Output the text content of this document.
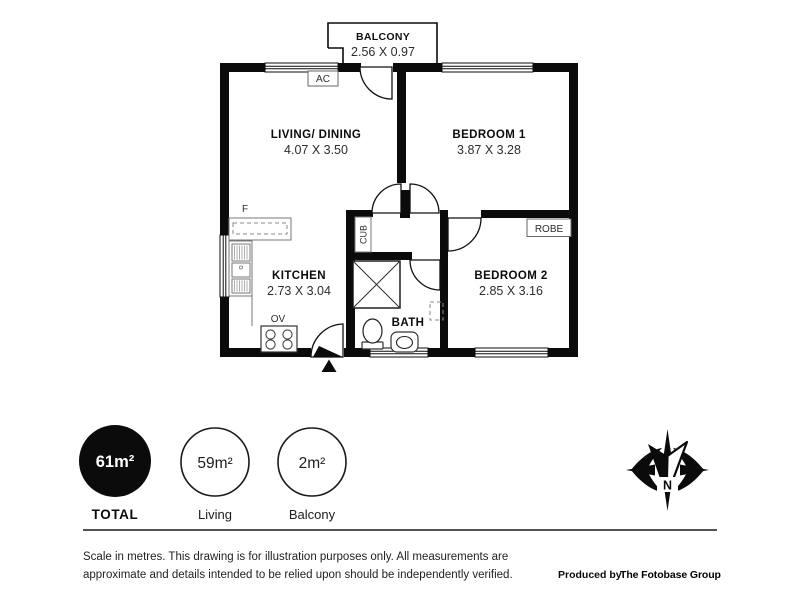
BALCONY
2.56 X 0.97
LIVING/ DINING
4.07 X 3.50
BEDROOM 1
3.87 X 3.28
KITCHEN
2.73 X 3.04
BEDROOM 2
2.85 X 3.16
BATH
AC
F
OV
ROBE
CUB
61m²
TOTAL
59m²
Living
2m²
Balcony
N
Scale in metres. This drawing is for illustration purposes only. All measurements are
approximate and details intended to be relied upon should be independently verified.	Produced by
The Fotobase Group
